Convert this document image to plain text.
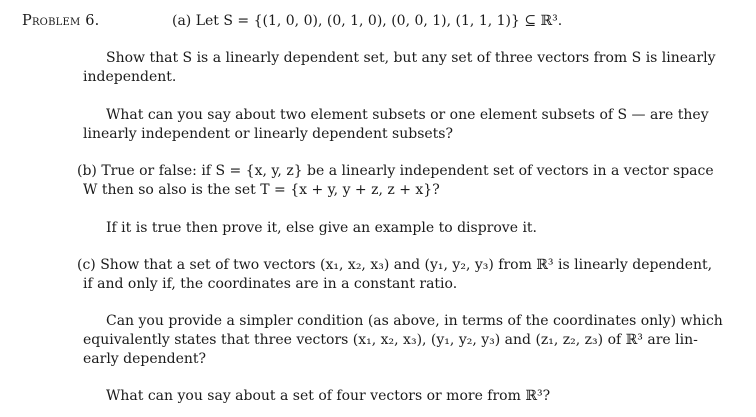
Problem 6.	(a) Let S = {(1, 0, 0), (0, 1, 0), (0, 0, 1), (1, 1, 1)} ⊆ ℝ³.
Show that S is a linearly dependent set, but any set of three vectors from S is linearly
independent.
What can you say about two element subsets or one element subsets of S — are they
linearly independent or linearly dependent subsets?
(b) True or false: if S = {x, y, z} be a linearly independent set of vectors in a vector space
W then so also is the set T = {x + y, y + z, z + x}?
If it is true then prove it, else give an example to disprove it.
(c) Show that a set of two vectors (x₁, x₂, x₃) and (y₁, y₂, y₃) from ℝ³ is linearly dependent,
if and only if, the coordinates are in a constant ratio.
Can you provide a simpler condition (as above, in terms of the coordinates only) which
equivalently states that three vectors (x₁, x₂, x₃), (y₁, y₂, y₃) and (z₁, z₂, z₃) of ℝ³ are lin-
early dependent?
What can you say about a set of four vectors or more from ℝ³?
